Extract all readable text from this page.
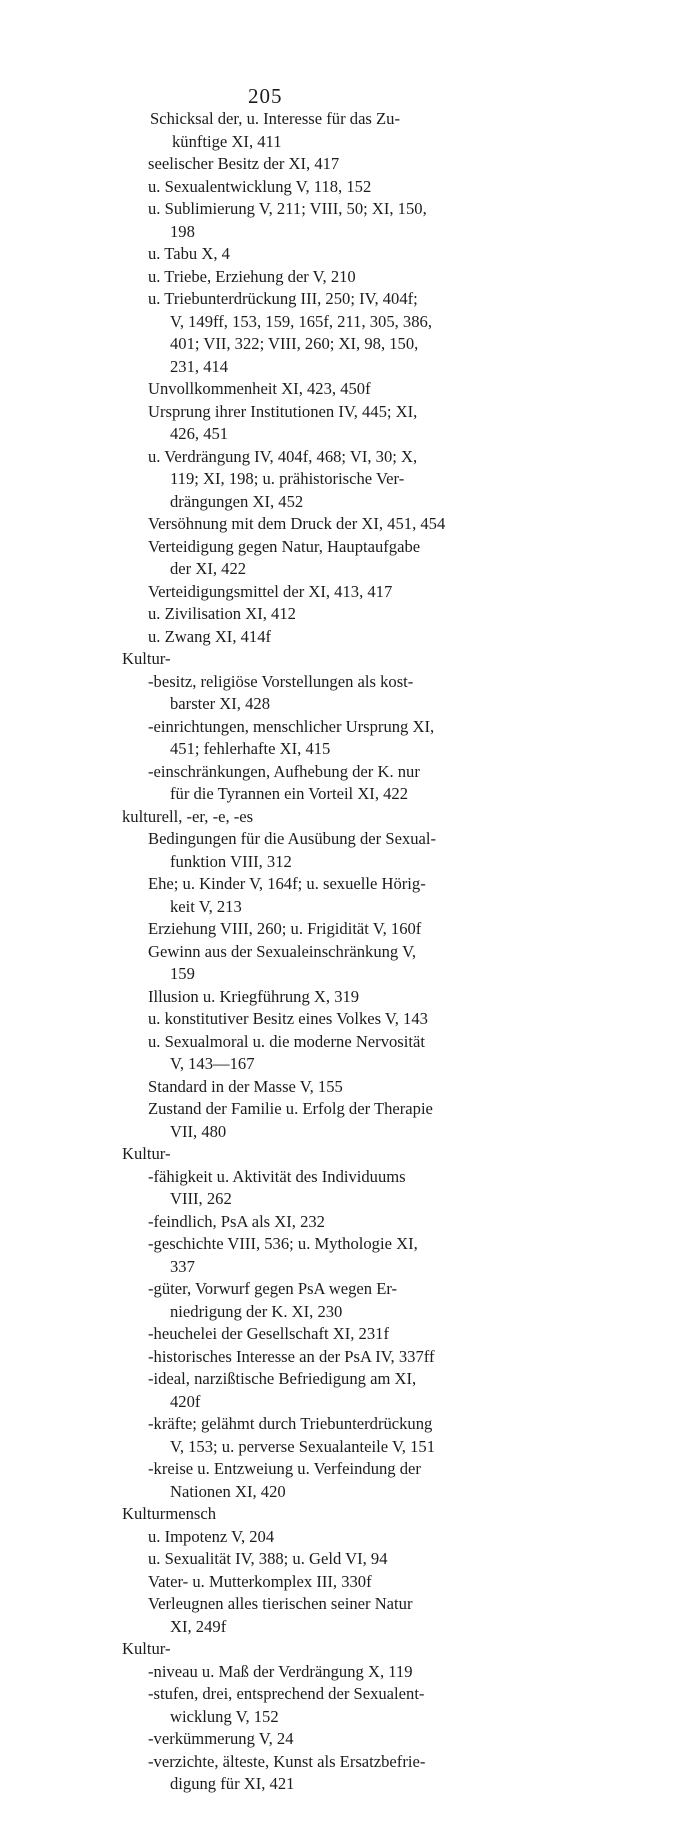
205
Schicksal der, u. Interesse für das Zu-
künftige XI, 411
seelischer Besitz der XI, 417
u. Sexualentwicklung V, 118, 152
u. Sublimierung V, 211; VIII, 50; XI, 150,
198
u. Tabu X, 4
u. Triebe, Erziehung der V, 210
u. Triebunterdrückung III, 250; IV, 404f;
V, 149ff, 153, 159, 165f, 211, 305, 386,
401; VII, 322; VIII, 260; XI, 98, 150,
231, 414
Unvollkommenheit XI, 423, 450f
Ursprung ihrer Institutionen IV, 445; XI,
426, 451
u. Verdrängung IV, 404f, 468; VI, 30; X,
119; XI, 198; u. prähistorische Ver-
drängungen XI, 452
Versöhnung mit dem Druck der XI, 451, 454
Verteidigung gegen Natur, Hauptaufgabe
der XI, 422
Verteidigungsmittel der XI, 413, 417
u. Zivilisation XI, 412
u. Zwang XI, 414f
Kultur-
-besitz, religiöse Vorstellungen als kost-
barster XI, 428
-einrichtungen, menschlicher Ursprung XI,
451; fehlerhafte XI, 415
-einschränkungen, Aufhebung der K. nur
für die Tyrannen ein Vorteil XI, 422
kulturell, -er, -e, -es
Bedingungen für die Ausübung der Sexual-
funktion VIII, 312
Ehe; u. Kinder V, 164f; u. sexuelle Hörig-
keit V, 213
Erziehung VIII, 260; u. Frigidität V, 160f
Gewinn aus der Sexualeinschränkung V,
159
Illusion u. Kriegführung X, 319
u. konstitutiver Besitz eines Volkes V, 143
u. Sexualmoral u. die moderne Nervosität
V, 143—167
Standard in der Masse V, 155
Zustand der Familie u. Erfolg der Therapie
VII, 480
Kultur-
-fähigkeit u. Aktivität des Individuums
VIII, 262
-feindlich, PsA als XI, 232
-geschichte VIII, 536; u. Mythologie XI,
337
-güter, Vorwurf gegen PsA wegen Er-
niedrigung der K. XI, 230
-heuchelei der Gesellschaft XI, 231f
-historisches Interesse an der PsA IV, 337ff
-ideal, narzißtische Befriedigung am XI,
420f
-kräfte; gelähmt durch Triebunterdrückung
V, 153; u. perverse Sexualanteile V, 151
-kreise u. Entzweiung u. Verfeindung der
Nationen XI, 420
Kulturmensch
u. Impotenz V, 204
u. Sexualität IV, 388; u. Geld VI, 94
Vater- u. Mutterkomplex III, 330f
Verleugnen alles tierischen seiner Natur
XI, 249f
Kultur-
-niveau u. Maß der Verdrängung X, 119
-stufen, drei, entsprechend der Sexualent-
wicklung V, 152
-verkümmerung V, 24
-verzichte, älteste, Kunst als Ersatzbefrie-
digung für XI, 421
